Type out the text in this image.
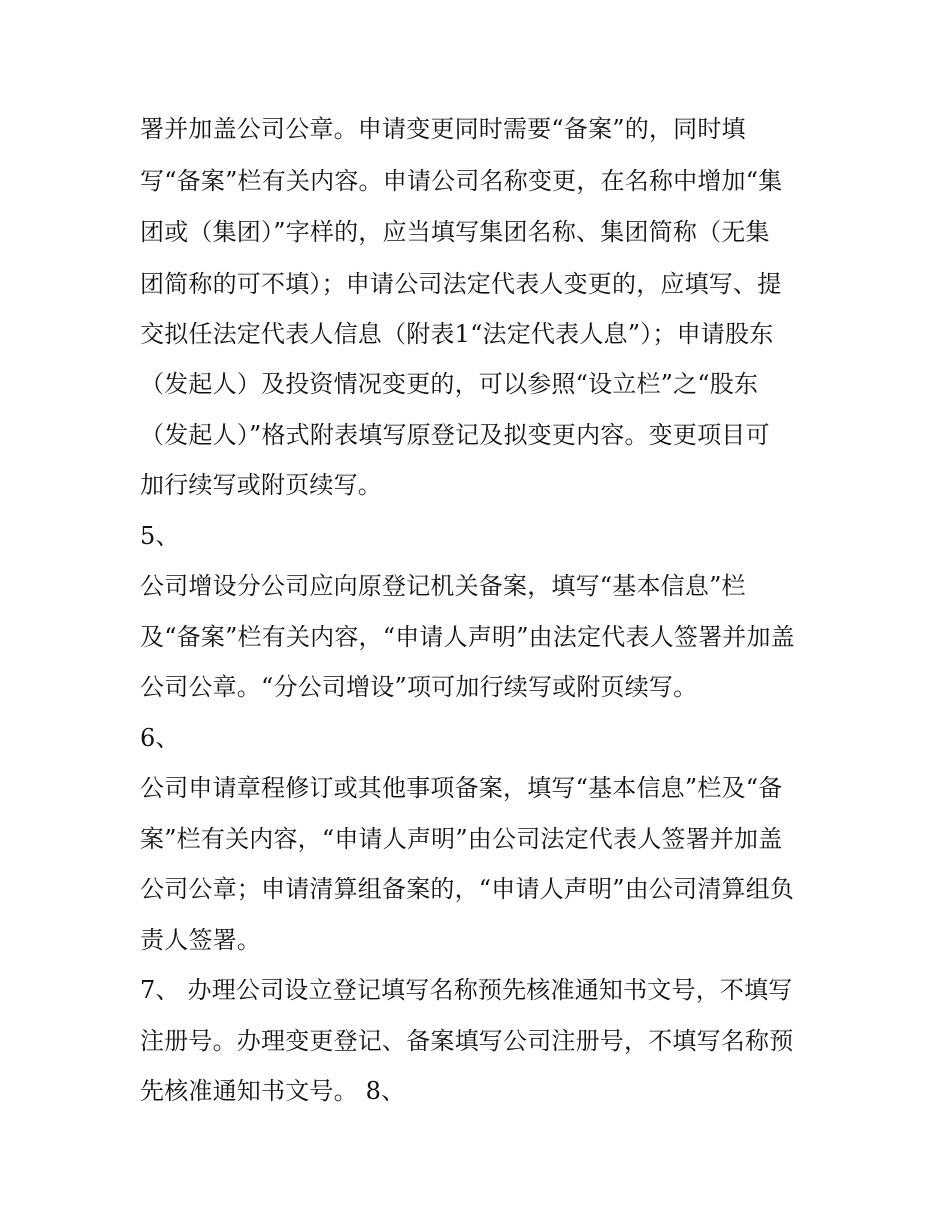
署并加盖公司公章。申请变更同时需要“备案”的，同时填
写“备案”栏有关内容。申请公司名称变更，在名称中增加“集
团或（集团）”字样的，应当填写集团名称、集团简称（无集
团简称的可不填）；申请公司法定代表人变更的，应填写、提
交拟任法定代表人信息（附表1“法定代表人息”）；申请股东
（发起人）及投资情况变更的，可以参照“设立栏”之“股东
（发起人）”格式附表填写原登记及拟变更内容。变更项目可
加行续写或附页续写。
5、
公司增设分公司应向原登记机关备案，填写“基本信息”栏
及“备案”栏有关内容，“申请人声明”由法定代表人签署并加盖
公司公章。“分公司增设”项可加行续写或附页续写。
6、
公司申请章程修订或其他事项备案，填写“基本信息”栏及“备
案”栏有关内容，“申请人声明”由公司法定代表人签署并加盖
公司公章；申请清算组备案的，“申请人声明”由公司清算组负
责人签署。
7、 办理公司设立登记填写名称预先核准通知书文号，不填写
注册号。办理变更登记、备案填写公司注册号，不填写名称预
先核准通知书文号。 8、
